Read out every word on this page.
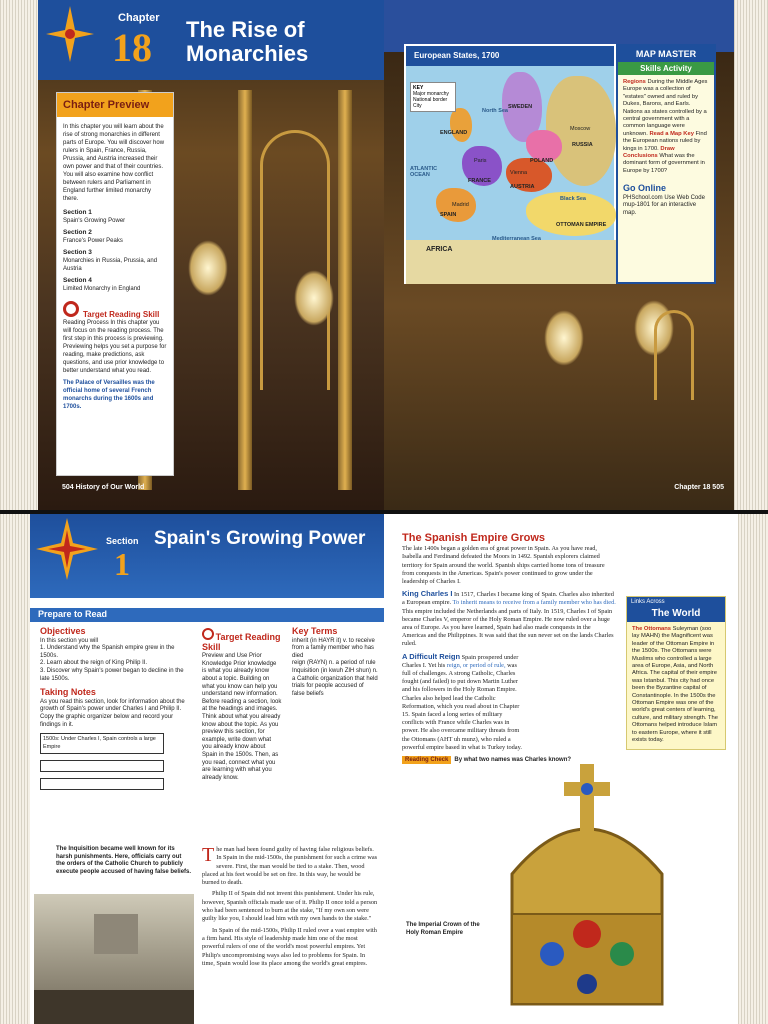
Chapter
18 The Rise of Monarchies
Chapter Preview
In this chapter you will learn about the rise of strong monarchies in different parts of Europe. You will discover how rulers in Spain, France, Russia, Prussia, and Austria increased their own power and that of their countries. You will also examine how conflict between rulers and Parliament in England further limited monarchy there.
Section 1
Spain's Growing Power
Section 2
France's Power Peaks
Section 3
Monarchies in Russia, Prussia, and Austria
Section 4
Limited Monarchy in England
Target Reading Skill
Reading Process In this chapter you will focus on the reading process. The first step in this process is previewing. Previewing helps you set a purpose for reading, make predictions, ask questions, and use prior knowledge to better understand what you read.
The Palace of Versailles was the official home of several French monarchs during the 1600s and 1700s.
504 History of Our World
European States, 1700
SWEDEN
RUSSIA
ENGLAND
POLAND
FRANCE
AUSTRIA
SPAIN
OTTOMAN EMPIRE
AFRICA
Mediterranean Sea
Black Sea
Moscow
Paris
Vienna
Madrid
North Sea
ATLANTIC OCEAN
KEY
Major monarchy
National border
City
MAP MASTER
Skills Activity
Regions During the Middle Ages Europe was a collection of "estates" owned and ruled by Dukes, Barons, and Earls. Nations as states controlled by a central government with a common language were unknown. Read a Map Key Find the European nations ruled by kings in 1700. Draw Conclusions What was the dominant form of government in Europe by 1700?
Go Online
PHSchool.com Use Web Code mup-1801 for an interactive map.
Chapter 18 505
Section
1
Spain's Growing Power
Prepare to Read
Objectives
In this section you will
1. Understand why the Spanish empire grew in the 1500s.
2. Learn about the reign of King Philip II.
3. Discover why Spain's power began to decline in the late 1500s.
Taking Notes
As you read this section, look for information about the growth of Spain's power under Charles I and Philip II. Copy the graphic organizer below and record your findings in it.
1500s: Under Charles I, Spain controls a large Empire
Target Reading Skill
Preview and Use Prior Knowledge Prior knowledge is what you already know about a topic. Building on what you know can help you understand new information. Before reading a section, look at the headings and images. Think about what you already know about the topic. As you preview this section, for example, write down what you already know about Spain in the 1500s. Then, as you read, connect what you are learning with what you already know.
Key Terms
inherit (in HAYR it) v. to receive from a family member who has died
reign (RAYN) n. a period of rule
Inquisition (in kwuh ZIH shun) n. a Catholic organization that held trials for people accused of false beliefs
The Inquisition became well known for its harsh punishments. Here, officials carry out the orders of the Catholic Church to publicly execute people accused of having false beliefs.

The man had been found guilty of having false religious beliefs. In Spain in the mid-1500s, the punishment for such a crime was severe. First, the man would be tied to a stake. Then, wood placed at his feet would be set on fire. In this way, he would be burned to death.

Philip II of Spain did not invent this punishment. Under his rule, however, Spanish officials made use of it. Philip II once told a person who had been sentenced to burn at the stake, "If my own son were guilty like you, I should lead him with my own hands to the stake."

In Spain of the mid-1500s, Philip II ruled over a vast empire with a firm hand. His style of leadership made him one of the most powerful rulers of one of the world's most powerful empires. Yet Philip's uncompromising ways also led to problems for Spain. In time, Spain would lose its place among the world's great empires.

The Spanish Empire Grows

The late 1400s began a golden era of great power in Spain. As you have read, Isabella and Ferdinand defeated the Moors in 1492. Spanish explorers claimed territory for Spain around the world. Spanish ships carried home tons of treasure from conquests in the Americas. Spain's power continued to grow under the leadership of Charles I.

King Charles I In 1517, Charles I became king of Spain. Charles also inherited a European empire. To inherit means to receive from a family member who has died. This empire included the Netherlands and parts of Italy. In 1519, Charles I of Spain became Charles V, emperor of the Holy Roman Empire. He now ruled over a huge area of Europe. As you have learned, Spain had also made conquests in the Americas and the Philippines. It was said that the sun never set on the lands Charles ruled.

A Difficult Reign Spain prospered under Charles I. Yet his reign, or period of rule, was full of challenges. A strong Catholic, Charles fought (and failed) to put down Martin Luther and his followers in the Holy Roman Empire. Charles also helped lead the Catholic Reformation, which you read about in Chapter 15. Spain faced a long series of military conflicts with France while Charles was in power. He also overcame military threats from the Ottomans (AHT uh munz), who ruled a powerful empire based in what is Turkey today.

Reading Check By what two names was Charles known?
Links Across
The World
The Ottomans Suleyman (soo lay MAHN) the Magnificent was leader of the Ottoman Empire in the 1500s. The Ottomans were Muslims who controlled a large area of Europe, Asia, and North Africa. The capital of their empire was Istanbul. This city had once been the Byzantine capital of Constantinople. In the 1500s the Ottoman Empire was one of the world's great centers of learning, culture, and military strength. The Ottomans helped introduce Islam to eastern Europe, where it still exists today.
The Imperial Crown of the Holy Roman Empire
